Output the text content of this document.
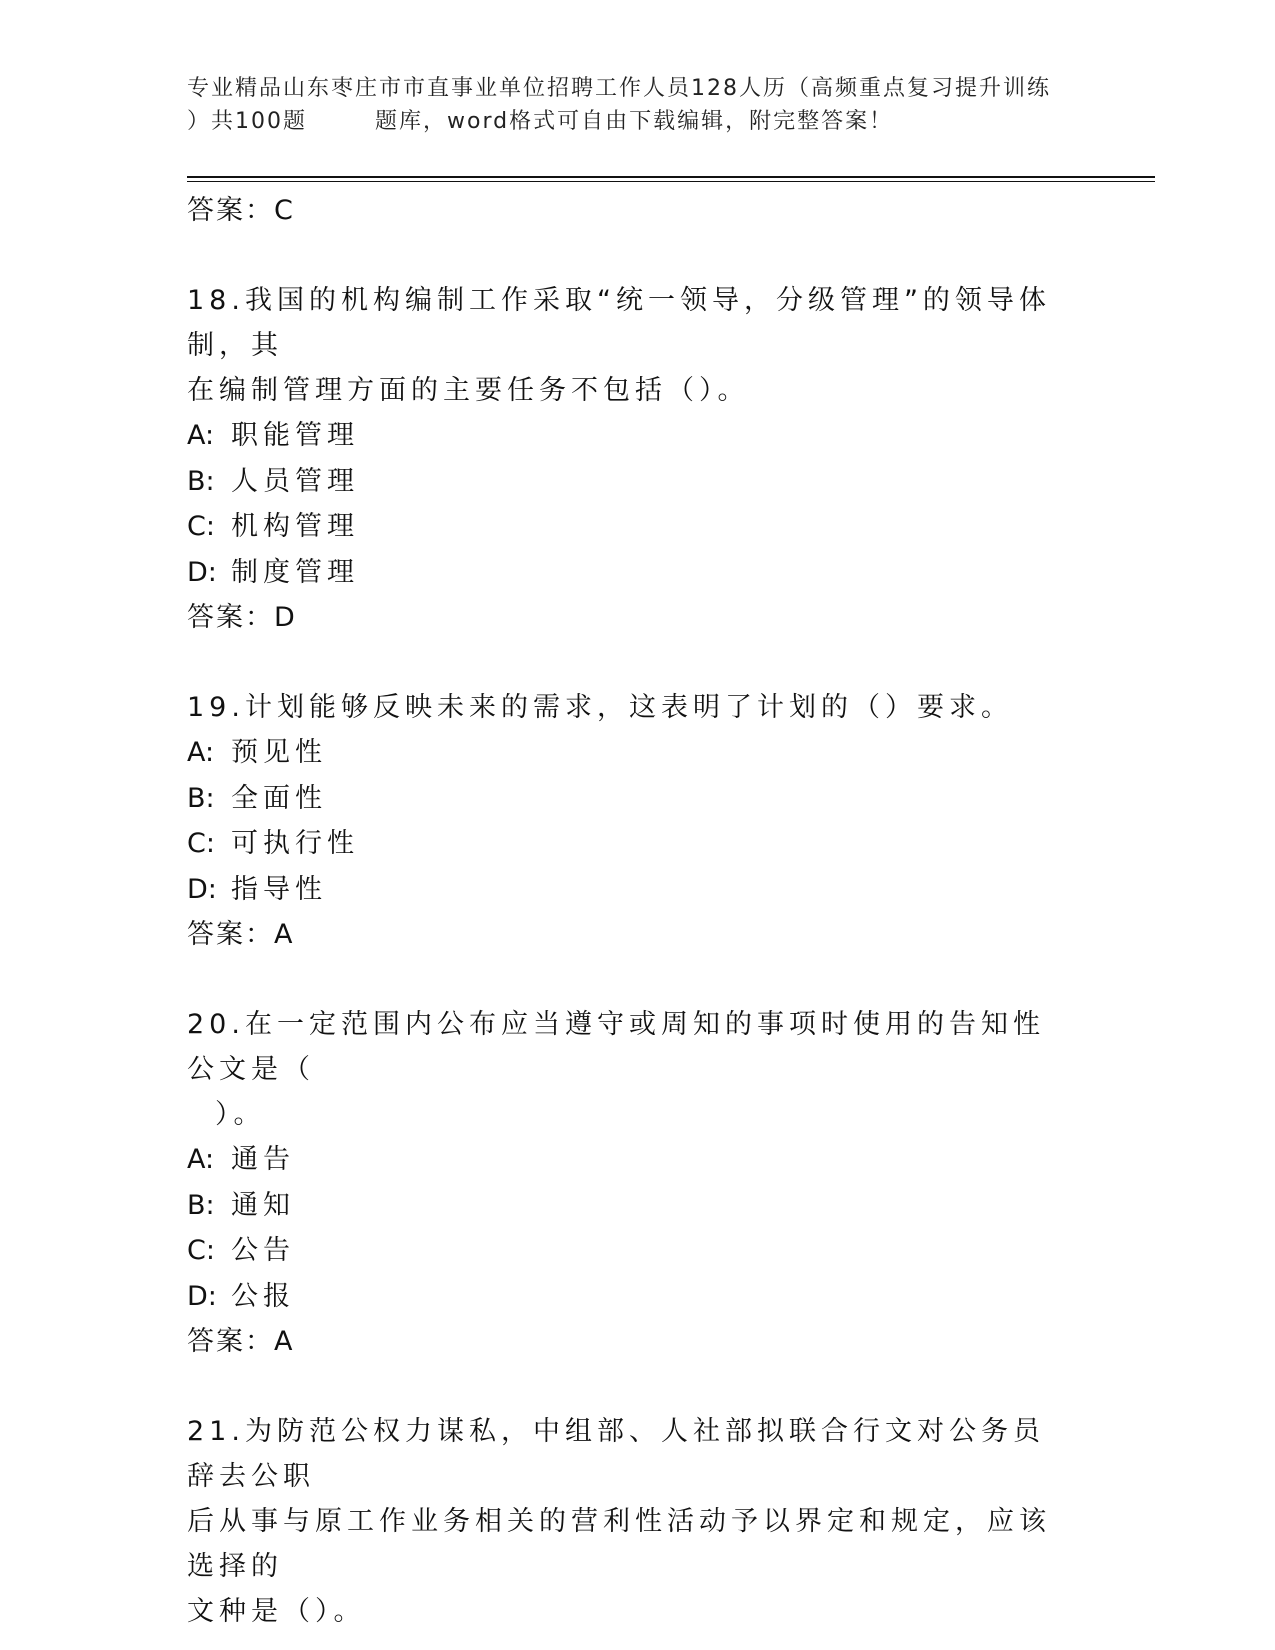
专业精品山东枣庄市市直事业单位招聘工作人员128人历（高频重点复习提升训练
）共100题	题库，word格式可自由下载编辑，附完整答案！
答案：C
18.我国的机构编制工作采取“统一领导，分级管理”的领导体制，其
在编制管理方面的主要任务不包括（）。
A: 职能管理
B: 人员管理
C: 机构管理
D: 制度管理
答案：D
19.计划能够反映未来的需求，这表明了计划的（）要求。
A: 预见性
B: 全面性
C: 可执行性
D: 指导性
答案：A
20.在一定范围内公布应当遵守或周知的事项时使用的告知性公文是（
）。
A: 通告
B: 通知
C: 公告
D: 公报
答案：A
21.为防范公权力谋私，中组部、人社部拟联合行文对公务员辞去公职
后从事与原工作业务相关的营利性活动予以界定和规定，应该选择的
文种是（）。
